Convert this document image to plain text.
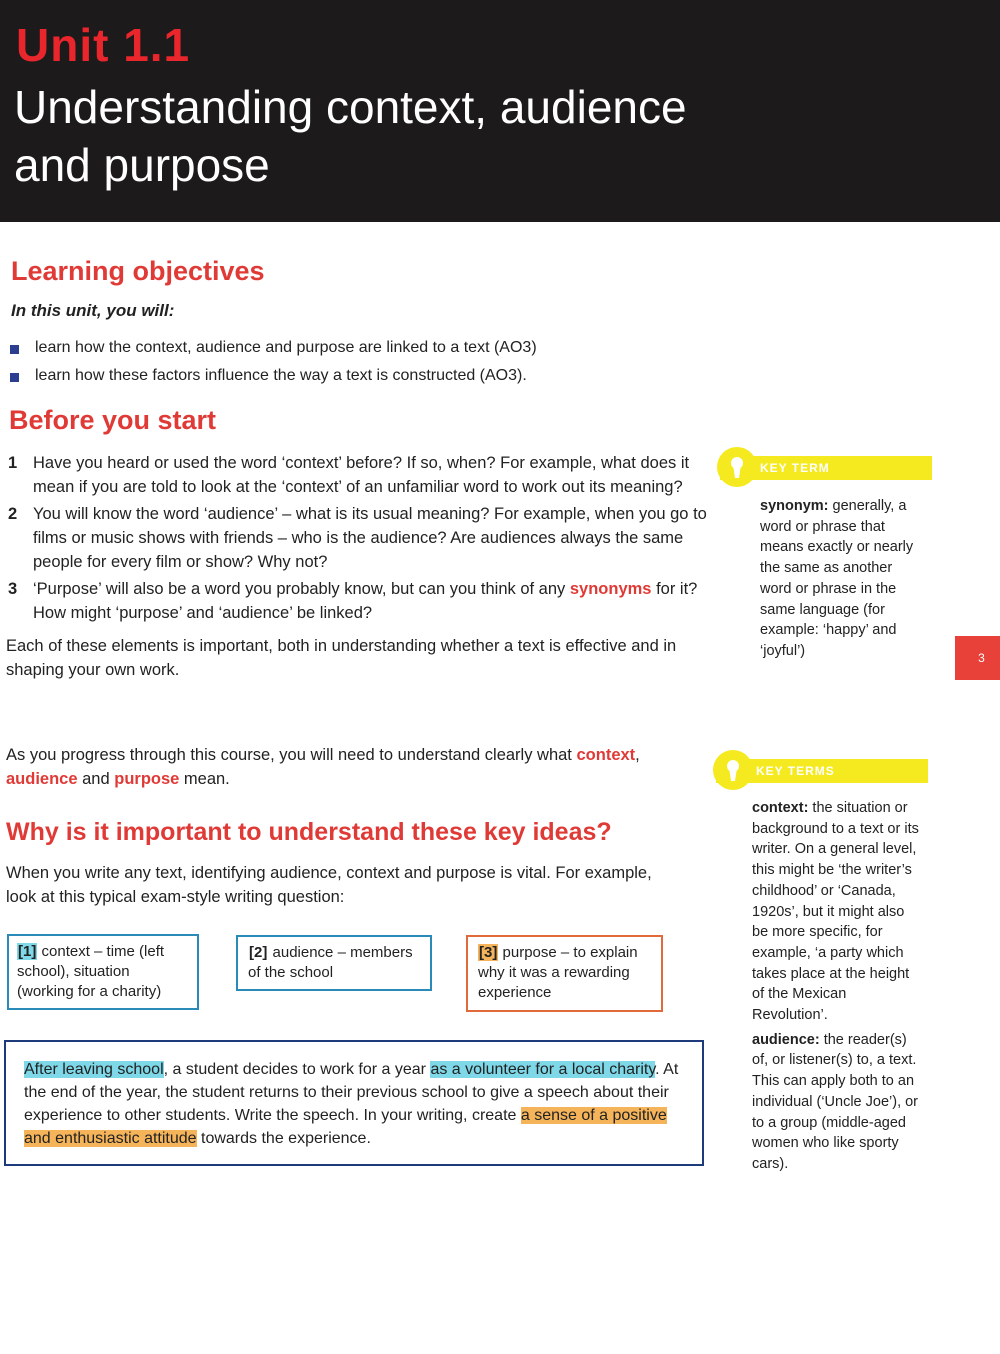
Unit 1.1
Understanding context, audience
and purpose
Learning objectives
In this unit, you will:
learn how the context, audience and purpose are linked to a text (AO3)
learn how these factors influence the way a text is constructed (AO3).
Before you start
1 Have you heard or used the word ‘context’ before? If so, when? For example, what does it mean if you are told to look at the ‘context’ of an unfamiliar word to work out its meaning?
2 You will know the word ‘audience’ – what is its usual meaning? For example, when you go to films or music shows with friends – who is the audience? Are audiences always the same people for every film or show? Why not?
3 ‘Purpose’ will also be a word you probably know, but can you think of any synonyms for it? How might ‘purpose’ and ‘audience’ be linked?
Each of these elements is important, both in understanding whether a text is effective and in shaping your own work.
As you progress through this course, you will need to understand clearly what context,
audience and purpose mean.
Why is it important to understand these key ideas?
When you write any text, identifying audience, context and purpose is vital. For example, look at this typical exam-style writing question:
[1] context – time (left school), situation (working for a charity)
[2] audience – members of the school
[3] purpose – to explain why it was a rewarding experience
After leaving school, a student decides to work for a year as a volunteer for a local charity. At the end of the year, the student returns to their previous school to give a speech about their experience to other students. Write the speech. In your writing, create a sense of a positive and enthusiastic attitude towards the experience.
KEY TERM
synonym: generally, a word or phrase that means exactly or nearly the same as another word or phrase in the same language (for example: ‘happy’ and ‘joyful’)
KEY TERMS
context: the situation or background to a text or its writer. On a general level, this might be ‘the writer’s childhood’ or ‘Canada, 1920s’, but it might also be more specific, for example, ‘a party which takes place at the height of the Mexican Revolution’.
audience: the reader(s) of, or listener(s) to, a text. This can apply both to an individual (‘Uncle Joe’), or to a group (middle-aged women who like sporty cars).
3
